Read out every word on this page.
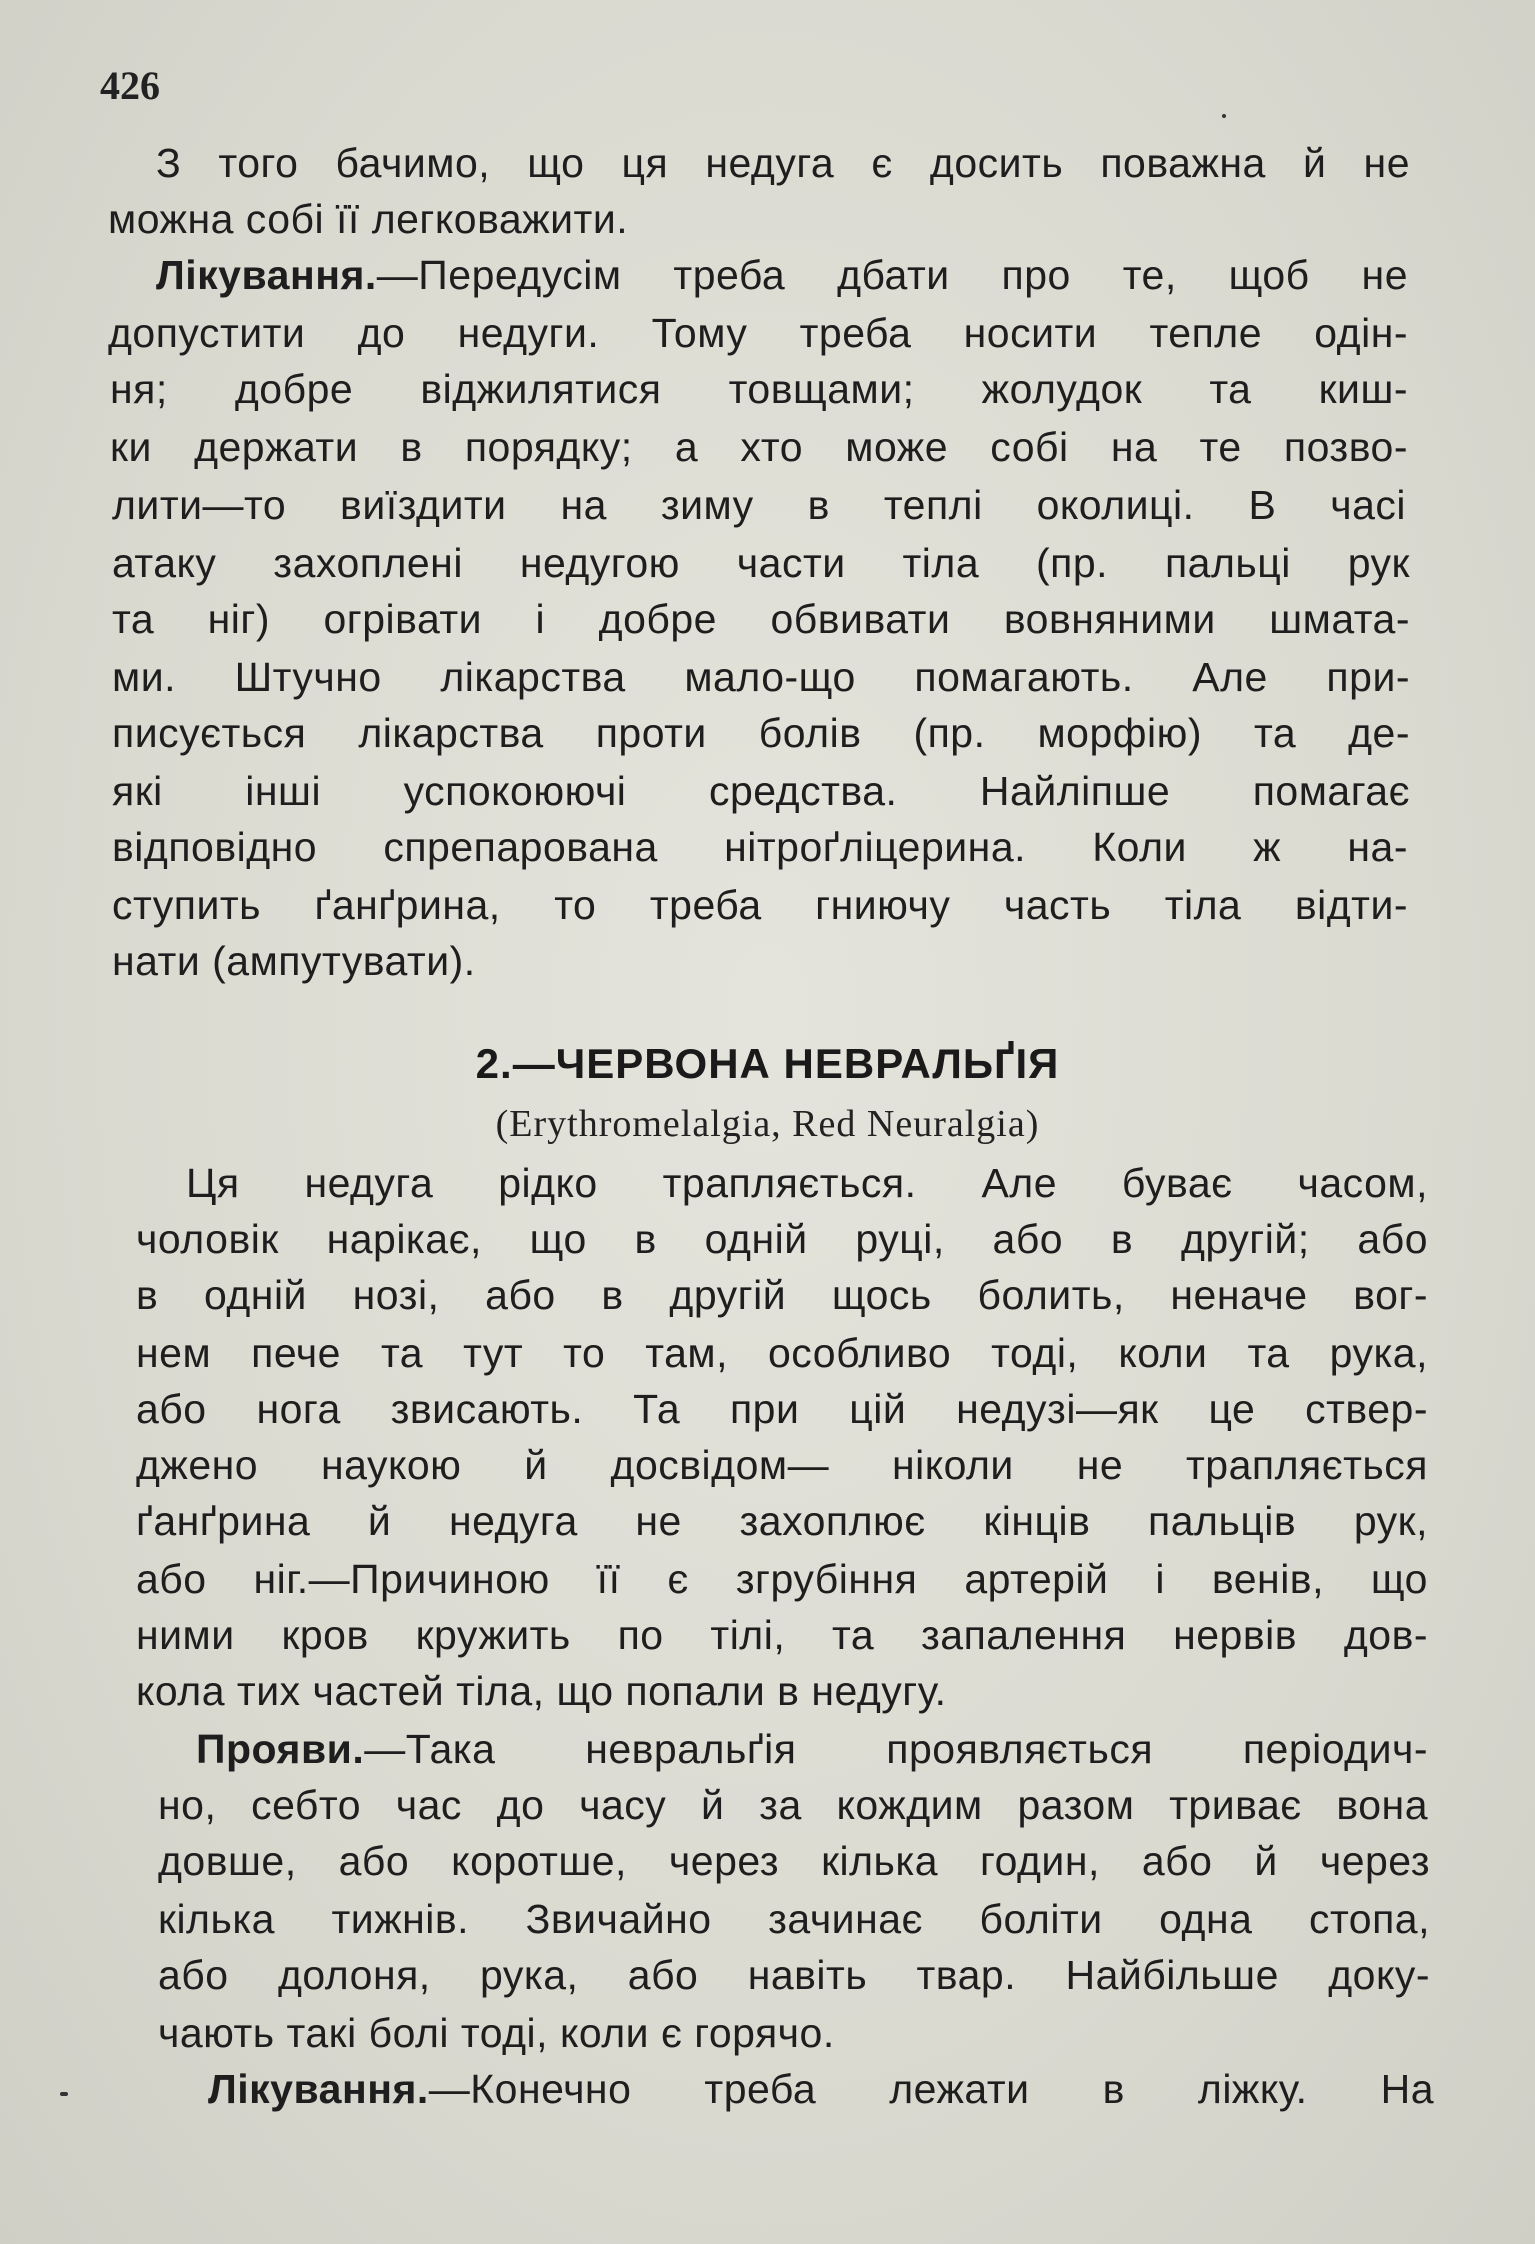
426
З того бачимо, що ця недуга є досить поважна й не
можна собі її легковажити.
Лікування.—Передусім треба дбати про те, щоб не
допустити до недуги. Тому треба носити тепле одін-
ня; добре віджилятися товщами; жолудок та киш-
ки держати в порядку; а хто може собі на те позво-
лити—то виїздити на зиму в теплі околиці. В часі
атаку захоплені недугою части тіла (пр. пальці рук
та ніг) огрівати і добре обвивати вовняними шмата-
ми. Штучно лікарства мало-що помагають. Але при-
писується лікарства проти болів (пр. морфію) та де-
які інші успокоюючі средства. Найліпше помагає
відповідно спрепарована нітроґліцерина. Коли ж на-
ступить ґанґрина, то треба гниючу часть тіла відти-
нати (ампутувати).
2.—ЧЕРВОНА НЕВРАЛЬҐІЯ
(Erythromelalgia, Red Neuralgia)
Ця недуга рідко трапляється. Але буває часом,
чоловік нарікає, що в одній руці, або в другій; або
в одній нозі, або в другій щось болить, неначе вог-
нем пече та тут то там, особливо тоді, коли та рука,
або нога звисають. Та при цій недузі—як це ствер-
джено наукою й досвідом— ніколи не трапляється
ґанґрина й недуга не захоплює кінців пальців рук,
або ніг.—Причиною її є згрубіння артерій і венів, що
ними кров кружить по тілі, та запалення нервів дов-
кола тих частей тіла, що попали в недугу.
Прояви.—Така невральґія проявляється періодич-
но, себто час до часу й за кождим разом триває вона
довше, або коротше, через кілька годин, або й через
кілька тижнів. Звичайно зачинає боліти одна стопа,
або долоня, рука, або навіть твар. Найбільше доку-
чають такі болі тоді, коли є горячо.
Лікування.—Конечно треба лежати в ліжку. На
